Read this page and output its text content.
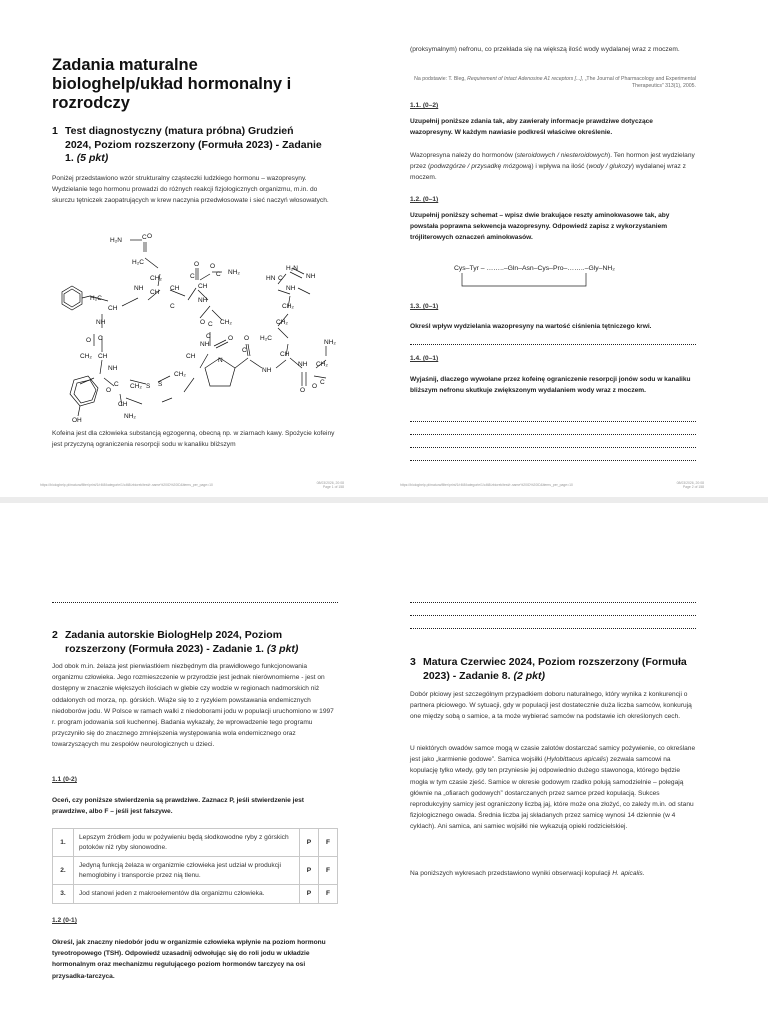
Zadania maturalne biologhelp/układ hormonalny i rozrodczy
1 Test diagnostyczny (matura próbna) Grudzień 2024, Poziom rozszerzony (Formuła 2023) - Zadanie 1. (5 pkt)
Poniżej przedstawiono wzór strukturalny cząsteczki ludzkiego hormonu – wazopresyny. Wydzielanie tego hormonu prowadzi do różnych reakcji fizjologicznych organizmu, m.in. do skurczu tętniczek zaopatrujących w krew naczynia przedwłosowate i sieć naczyń włosowatych.
H₂N	C O
H₂C
CH₂
NH
CH
CH
C
O
C
CH
C NH₂
O
NH
O C CH₂
H₂C
CH
NH
C
O
CH
CH₂
NH
C
O
CH
NH₂
CH₂ S S
CH₂
CH
NH
C	O
N
C
O
NH
CH
NH
O
CH₂
NH₂
C
O
H₂C
CH₂
CH₂
NH
C
HN
H₂N
NH
OH
Kofeina jest dla człowieka substancją egzogenną, obecną np. w ziarnach kawy. Spożycie kofeiny jest przyczyną ograniczenia resorpcji sodu w kanaliku bliższym
https://biologhelp.pl/matura/filter/print/1/r4t8/kategorie/1/c4t8/zbiorek/test/r-name%20ID%20ID&items_per_page=10	08/03/2026, 20:08
Page 1 of 158
(proksymalnym) nefronu, co przekłada się na większą ilość wody wydalanej wraz z moczem.
Na podstawie: T. Bleg, Requirement of Intact Adenosine A1 receptors [...], „The Journal of Pharmacology and Experimental Therapeutics” 313(1), 2005.
1.1. (0–2)
Uzupełnij poniższe zdania tak, aby zawierały informacje prawdziwe dotyczące wazopresyny. W każdym nawiasie podkreśl właściwe określenie.
Wazopresyna należy do hormonów (steroidowych / niesteroidowych). Ten hormon jest wydzielany przez (podwzgórze / przysadkę mózgową) i wpływa na ilość (wody / glukozy) wydalanej wraz z moczem.
1.2. (0–1)
Uzupełnij poniższy schemat – wpisz dwie brakujące reszty aminokwasowe tak, aby powstała poprawna sekwencja wazopresyny. Odpowiedź zapisz z wykorzystaniem trójliterowych oznaczeń aminokwasów.
Cys–Tyr – ……..–Gln–Asn–Cys–Pro–……..–Gly–NH₂
1.3. (0–1)
Określ wpływ wydzielania wazopresyny na wartość ciśnienia tętniczego krwi.
1.4. (0–1)
Wyjaśnij, dlaczego wywołane przez kofeinę ograniczenie resorpcji jonów sodu w kanaliku bliższym nefronu skutkuje zwiększonym wydalaniem wody wraz z moczem.
https://biologhelp.pl/matura/filter/print/1/r4t8/kategorie/1/c4t8/zbiorek/test/r-name%20ID%20ID&items_per_page=10	08/03/2026, 20:08
Page 2 of 158
2 Zadania autorskie BiologHelp 2024, Poziom rozszerzony (Formuła 2023) - Zadanie 1. (3 pkt)
Jod obok m.in. żelaza jest pierwiastkiem niezbędnym dla prawidłowego funkcjonowania organizmu człowieka. Jego rozmieszczenie w przyrodzie jest jednak nierównomierne - jest on dostępny w znacznie większych ilościach w glebie czy wodzie w regionach nadmorskich niż oddalonych od morza, np. górskich. Wiąże się to z ryzykiem powstawania endemicznych niedoborów jodu. W Polsce w ramach walki z niedoborami jodu w populacji uruchomiono w 1997 r. program jodowania soli kuchennej. Badania wykazały, że wprowadzenie tego programu przyczyniło się do znacznego zmniejszenia występowania wola endemicznego oraz towarzyszących mu zespołów neurologicznych u dzieci.
1.1 (0-2)
Oceń, czy poniższe stwierdzenia są prawdziwe. Zaznacz P, jeśli stwierdzenie jest prawdziwe, albo F – jeśli jest fałszywe.
1.2 (0-1)
Określ, jak znaczny niedobór jodu w organizmie człowieka wpłynie na poziom hormonu tyreotropowego (TSH). Odpowiedź uzasadnij odwołując się do roli jodu w układzie hormonalnym oraz mechanizmu regulującego poziom hormonów tarczycy na osi przysadka-tarczyca.
1.	Lepszym źródłem jodu w pożywieniu będą słodkowodne ryby z górskich potoków niż ryby słonowodne.	P	F
2.	Jedyną funkcją żelaza w organizmie człowieka jest udział w produkcji hemoglobiny i transporcie przez nią tlenu.	P	F
3.	Jod stanowi jeden z makroelementów dla organizmu człowieka.	P	F
3 Matura Czerwiec 2024, Poziom rozszerzony (Formuła 2023) - Zadanie 8. (2 pkt)
Dobór płciowy jest szczególnym przypadkiem doboru naturalnego, który wynika z konkurencji o partnera płciowego. W sytuacji, gdy w populacji jest dostatecznie duża liczba samców, konkurują one między sobą o samice, a ta może wybierać samców na podstawie ich określonych cech.
U niektórych owadów samce mogą w czasie zalotów dostarczać samicy pożywienie, co określane jest jako „karmienie godowe”. Samica wojsiłki (Hylobittacus apicalis) zezwala samcowi na kopulację tylko wtedy, gdy ten przyniesie jej odpowiednio dużego stawonoga, którego będzie mogła w tym czasie zjeść. Samice w okresie godowym rzadko polują samodzielnie – polegają głównie na „ofiarach godowych” dostarczanych przez samce przed kopulacją. Sukces reprodukcyjny samicy jest ograniczony liczbą jaj, które może ona złożyć, co zależy m.in. od stanu fizjologicznego owada. Średnia liczba jaj składanych przez samicę wynosi 14 dziennie (w 4 cyklach). Ani samica, ani samiec wojsiłki nie wykazują opieki rodzicielskiej.
Na poniższych wykresach przedstawiono wyniki obserwacji kopulacji H. apicalis.
